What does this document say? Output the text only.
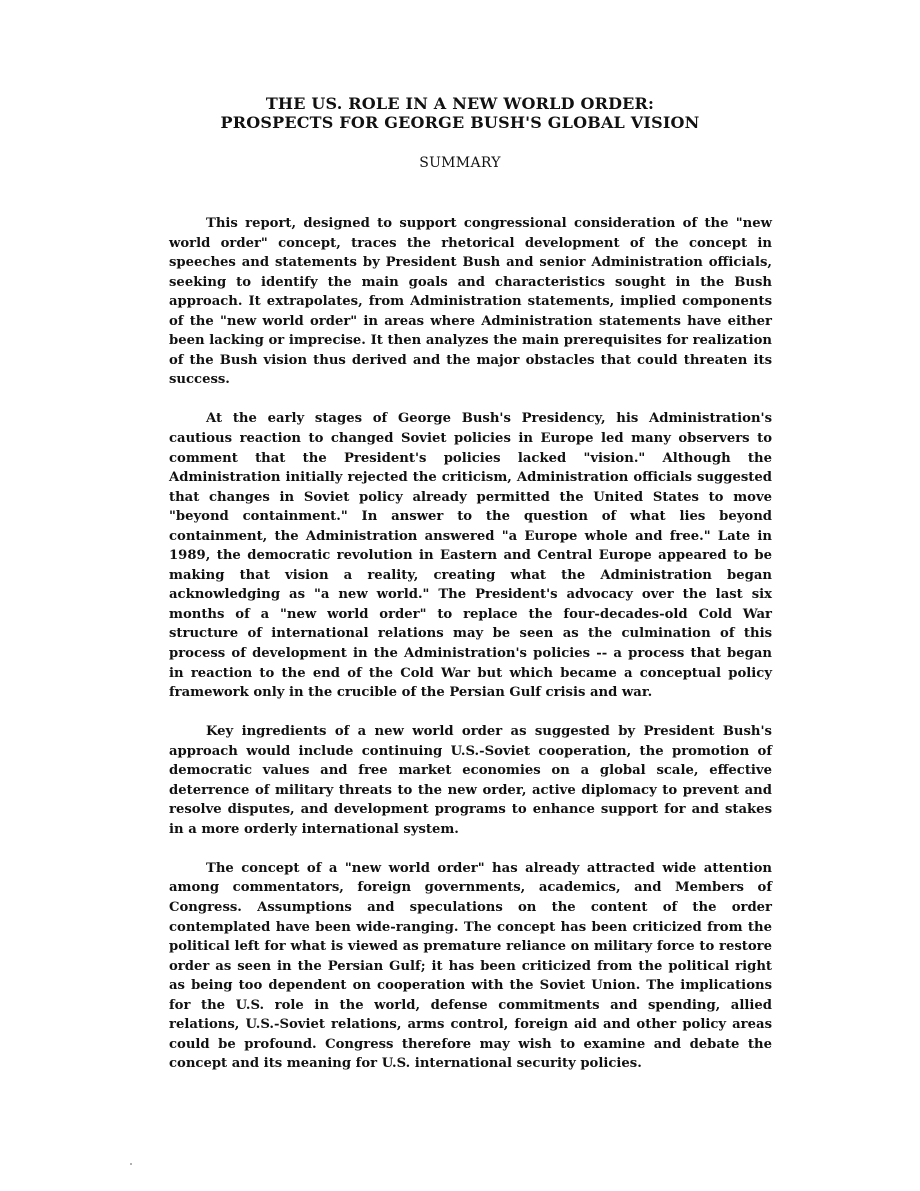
THE US. ROLE IN A NEW WORLD ORDER:
PROSPECTS FOR GEORGE BUSH'S GLOBAL VISION
SUMMARY

This report, designed to support congressional consideration of the "new world order" concept, traces the rhetorical development of the concept in speeches and statements by President Bush and senior Administration officials, seeking to identify the main goals and characteristics sought in the Bush approach. It extrapolates, from Administration statements, implied components of the "new world order" in areas where Administration statements have either been lacking or imprecise. It then analyzes the main prerequisites for realization of the Bush vision thus derived and the major obstacles that could threaten its success.

At the early stages of George Bush's Presidency, his Administration's cautious reaction to changed Soviet policies in Europe led many observers to comment that the President's policies lacked "vision." Although the Administration initially rejected the criticism, Administration officials suggested that changes in Soviet policy already permitted the United States to move "beyond containment." In answer to the question of what lies beyond containment, the Administration answered "a Europe whole and free." Late in 1989, the democratic revolution in Eastern and Central Europe appeared to be making that vision a reality, creating what the Administration began acknowledging as "a new world." The President's advocacy over the last six months of a "new world order" to replace the four-decades-old Cold War structure of international relations may be seen as the culmination of this process of development in the Administration's policies -- a process that began in reaction to the end of the Cold War but which became a conceptual policy framework only in the crucible of the Persian Gulf crisis and war.

Key ingredients of a new world order as suggested by President Bush's approach would include continuing U.S.-Soviet cooperation, the promotion of democratic values and free market economies on a global scale, effective deterrence of military threats to the new order, active diplomacy to prevent and resolve disputes, and development programs to enhance support for and stakes in a more orderly international system.

The concept of a "new world order" has already attracted wide attention among commentators, foreign governments, academics, and Members of Congress. Assumptions and speculations on the content of the order contemplated have been wide-ranging. The concept has been criticized from the political left for what is viewed as premature reliance on military force to restore order as seen in the Persian Gulf; it has been criticized from the political right as being too dependent on cooperation with the Soviet Union. The implications for the U.S. role in the world, defense commitments and spending, allied relations, U.S.-Soviet relations, arms control, foreign aid and other policy areas could be profound. Congress therefore may wish to examine and debate the concept and its meaning for U.S. international security policies.
